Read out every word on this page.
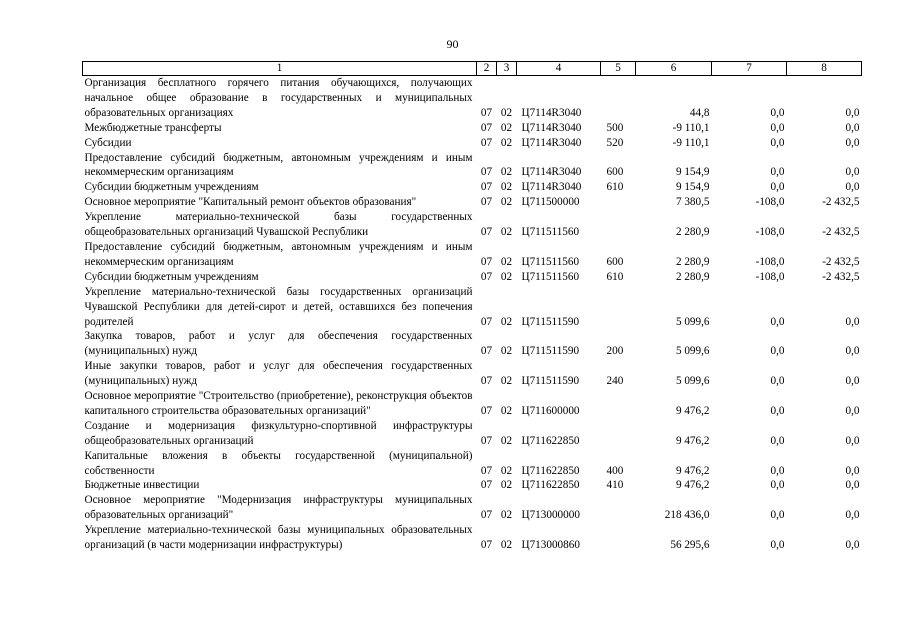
90
1	2	3	4	5	6	7	8
Организация бесплатного горячего питания обучающихся, получающих начальное общее образование в государственных и муниципальных образовательных организациях	07	02	Ц7114R3040		44,8	0,0	0,0
Межбюджетные трансферты	07	02	Ц7114R3040	500	-9 110,1	0,0	0,0
Субсидии	07	02	Ц7114R3040	520	-9 110,1	0,0	0,0
Предоставление субсидий бюджетным, автономным учреждениям и иным некоммерческим организациям	07	02	Ц7114R3040	600	9 154,9	0,0	0,0
Субсидии бюджетным учреждениям	07	02	Ц7114R3040	610	9 154,9	0,0	0,0
Основное мероприятие "Капитальный ремонт объектов образования"	07	02	Ц711500000		7 380,5	-108,0	-2 432,5
Укрепление материально-технической базы государственных общеобразовательных организаций Чувашской Республики	07	02	Ц711511560		2 280,9	-108,0	-2 432,5
Предоставление субсидий бюджетным, автономным учреждениям и иным некоммерческим организациям	07	02	Ц711511560	600	2 280,9	-108,0	-2 432,5
Субсидии бюджетным учреждениям	07	02	Ц711511560	610	2 280,9	-108,0	-2 432,5
Укрепление материально-технической базы государственных организаций Чувашской Республики для детей-сирот и детей, оставшихся без попечения родителей	07	02	Ц711511590		5 099,6	0,0	0,0
Закупка товаров, работ и услуг для обеспечения государственных (муниципальных) нужд	07	02	Ц711511590	200	5 099,6	0,0	0,0
Иные закупки товаров, работ и услуг для обеспечения государственных (муниципальных) нужд	07	02	Ц711511590	240	5 099,6	0,0	0,0
Основное мероприятие "Строительство (приобретение), реконструкция объектов капитального строительства образовательных организаций"	07	02	Ц711600000		9 476,2	0,0	0,0
Создание и модернизация физкультурно-спортивной инфраструктуры общеобразовательных организаций	07	02	Ц711622850		9 476,2	0,0	0,0
Капитальные вложения в объекты государственной (муниципальной) собственности	07	02	Ц711622850	400	9 476,2	0,0	0,0
Бюджетные инвестиции	07	02	Ц711622850	410	9 476,2	0,0	0,0
Основное мероприятие "Модернизация инфраструктуры муниципальных образовательных организаций"	07	02	Ц713000000		218 436,0	0,0	0,0
Укрепление материально-технической базы муниципальных образовательных организаций (в части модернизации инфраструктуры)	07	02	Ц713000860		56 295,6	0,0	0,0
